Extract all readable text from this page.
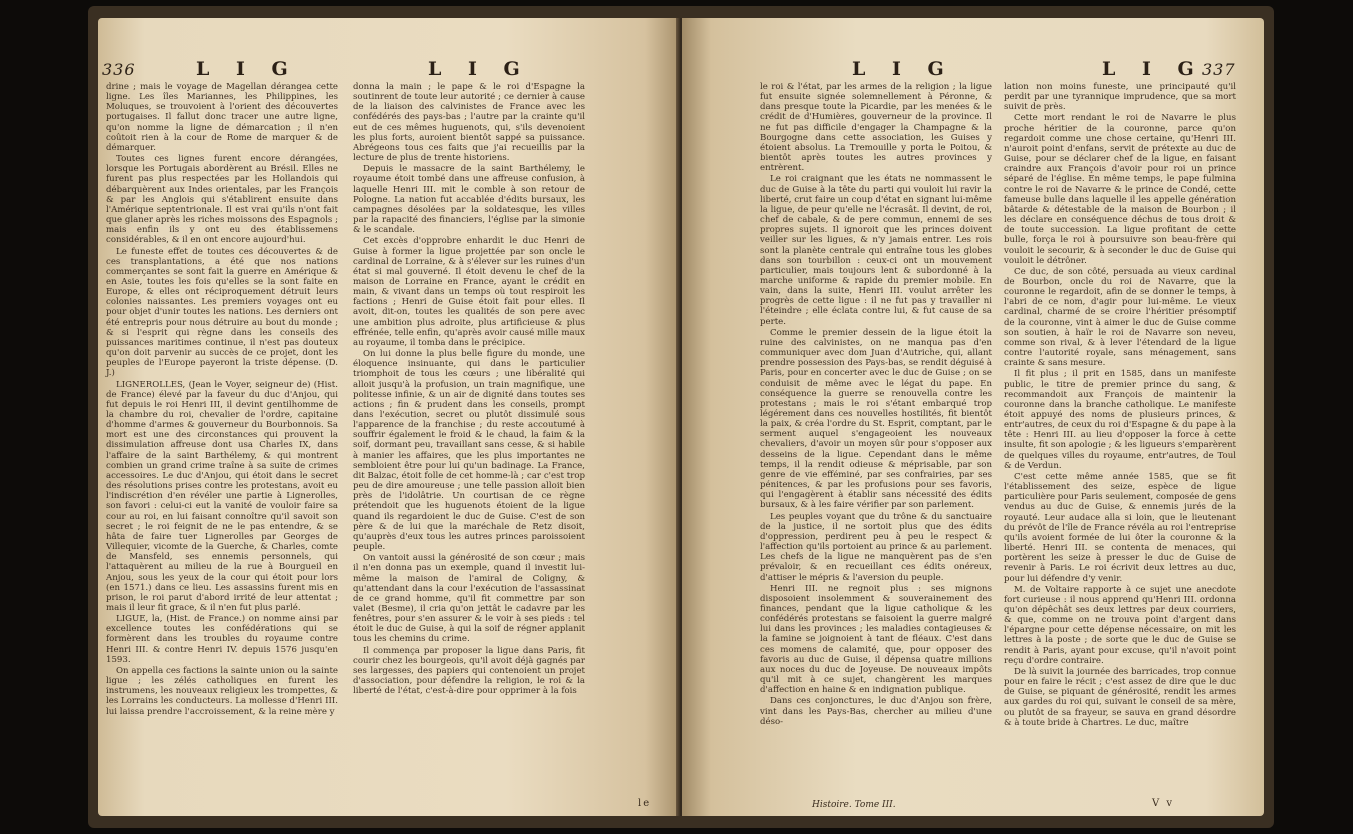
336	L I G	L I G

drine ; mais le voyage de Magellan dérangea cette ligne. Les îles Mariannes, les Philippines, les Moluques, se trouvoient à l'orient des découvertes portugaises. Il fallut donc tracer une autre ligne, qu'on nomme la ligne de démarcation ; il n'en coûtoit rien à la cour de Rome de marquer & de démarquer.

Toutes ces lignes furent encore dérangées, lorsque les Portugais abordèrent au Brésil. Elles ne furent pas plus respectées par les Hollandois qui débarquèrent aux Indes orientales, par les François & par les Anglois qui s'établirent ensuite dans l'Amérique septentrionale. Il est vrai qu'ils n'ont fait que glaner après les riches moissons des Espagnols ; mais enfin ils y ont eu des établissemens considérables, & il en ont encore aujourd'hui.

Le funeste effet de toutes ces découvertes & de ces transplantations, a été que nos nations commerçantes se sont fait la guerre en Amérique & en Asie, toutes les fois qu'elles se la sont faite en Europe, & elles ont réciproquement détruit leurs colonies naissantes. Les premiers voyages ont eu pour objet d'unir toutes les nations. Les derniers ont été entrepris pour nous détruire au bout du monde ; & si l'esprit qui règne dans les conseils des puissances maritimes continue, il n'est pas douteux qu'on doit parvenir au succès de ce projet, dont les peuples de l'Europe payeront la triste dépense. (D. J.)

LIGNEROLLES, (Jean le Voyer, seigneur de) (Hist. de France) élevé par la faveur du duc d'Anjou, qui fut depuis le roi Henri III, il devint gentilhomme de la chambre du roi, chevalier de l'ordre, capitaine d'homme d'armes & gouverneur du Bourbonnois. Sa mort est une des circonstances qui prouvent la dissimulation affreuse dont usa Charles IX, dans l'affaire de la saint Barthélemy, & qui montrent combien un grand crime traîne à sa suite de crimes accessoires. Le duc d'Anjou, qui étoit dans le secret des résolutions prises contre les protestans, avoit eu l'indiscrétion d'en révéler une partie à Lignerolles, son favori : celui-ci eut la vanité de vouloir faire sa cour au roi, en lui faisant connoître qu'il savoit son secret ; le roi feignit de ne le pas entendre, & se hâta de faire tuer Lignerolles par Georges de Villequier, vicomte de la Guerche, & Charles, comte de Mansfeld, ses ennemis personnels, qui l'attaquèrent au milieu de la rue à Bourgueil en Anjou, sous les yeux de la cour qui étoit pour lors (en 1571.) dans ce lieu. Les assassins furent mis en prison, le roi parut d'abord irrité de leur attentat ; mais il leur fit grace, & il n'en fut plus parlé.

LIGUE, la, (Hist. de France.) on nomme ainsi par excellence toutes les confédérations qui se formèrent dans les troubles du royaume contre Henri III. & contre Henri IV. depuis 1576 jusqu'en 1593.

On appella ces factions la sainte union ou la sainte ligue ; les zélés catholiques en furent les instrumens, les nouveaux religieux les trompettes, & les Lorrains les conducteurs. La mollesse d'Henri III. lui laissa prendre l'accroissement, & la reine mère y

donna la main ; le pape & le roi d'Espagne la soutinrent de toute leur autorité ; ce dernier à cause de la liaison des calvinistes de France avec les confédérés des pays-bas ; l'autre par la crainte qu'il eut de ces mêmes huguenots, qui, s'ils devenoient les plus forts, auroient bientôt sappé sa puissance. Abrégeons tous ces faits que j'ai recueillis par la lecture de plus de trente historiens.

Depuis le massacre de la saint Barthélemy, le royaume étoit tombé dans une affreuse confusion, à laquelle Henri III. mit le comble à son retour de Pologne. La nation fut accablée d'édits bursaux, les campagnes désolées par la soldatesque, les villes par la rapacité des financiers, l'église par la simonie & le scandale.

Cet excès d'opprobre enhardit le duc Henri de Guise à former la ligue projettée par son oncle le cardinal de Lorraine, & à s'élever sur les ruines d'un état si mal gouverné. Il étoit devenu le chef de la maison de Lorraine en France, ayant le crédit en main, & vivant dans un temps où tout respiroit les factions ; Henri de Guise étoit fait pour elles. Il avoit, dit-on, toutes les qualités de son pere avec une ambition plus adroite, plus artificieuse & plus effrénée, telle enfin, qu'après avoir causé mille maux au royaume, il tomba dans le précipice.

On lui donne la plus belle figure du monde, une éloquence insinuante, qui dans le particulier triomphoit de tous les cœurs ; une libéralité qui alloit jusqu'à la profusion, un train magnifique, une politesse infinie, & un air de dignité dans toutes ses actions ; fin & prudent dans les conseils, prompt dans l'exécution, secret ou plutôt dissimulé sous l'apparence de la franchise ; du reste accoutumé à souffrir également le froid & le chaud, la faim & la soif, dormant peu, travaillant sans cesse, & si habile à manier les affaires, que les plus importantes ne sembloient être pour lui qu'un badinage. La France, dit Balzac, étoit folle de cet homme-là ; car c'est trop peu de dire amoureuse ; une telle passion alloit bien près de l'idolâtrie. Un courtisan de ce règne prétendoit que les huguenots étoient de la ligue quand ils regardoient le duc de Guise. C'est de son père & de lui que la maréchale de Retz disoit, qu'auprès d'eux tous les autres princes paroissoient peuple.

On vantoit aussi la générosité de son cœur ; mais il n'en donna pas un exemple, quand il investit lui-même la maison de l'amiral de Coligny, & qu'attendant dans la cour l'exécution de l'assassinat de ce grand homme, qu'il fit commettre par son valet (Besme), il cria qu'on jettât le cadavre par les fenêtres, pour s'en assurer & le voir à ses pieds : tel étoit le duc de Guise, à qui la soif de régner applanit tous les chemins du crime.

Il commença par proposer la ligue dans Paris, fit courir chez les bourgeois, qu'il avoit déjà gagnés par ses largesses, des papiers qui contenoient un projet d'association, pour défendre la religion, le roi & la liberté de l'état, c'est-à-dire pour opprimer à la fois

le
L I G	L I G
337

le roi & l'état, par les armes de la religion ; la ligue fut ensuite signée solemnellement à Péronne, & dans presque toute la Picardie, par les menées & le crédit de d'Humières, gouverneur de la province. Il ne fut pas difficile d'engager la Champagne & la Bourgogne dans cette association, les Guises y étoient absolus. La Tremouille y porta le Poitou, & bientôt après toutes les autres provinces y entrèrent.

Le roi craignant que les états ne nommassent le duc de Guise à la tête du parti qui vouloit lui ravir la liberté, crut faire un coup d'état en signant lui-même la ligue, de peur qu'elle ne l'écrasât. Il devint, de roi, chef de cabale, & de pere commun, ennemi de ses propres sujets. Il ignoroit que les princes doivent veiller sur les ligues, & n'y jamais entrer. Les rois sont la planète centrale qui entraîne tous les globes dans son tourbillon : ceux-ci ont un mouvement particulier, mais toujours lent & subordonné à la marche uniforme & rapide du premier mobile. En vain, dans la suite, Henri III. voulut arrêter les progrès de cette ligue : il ne fut pas y travailler ni l'éteindre ; elle éclata contre lui, & fut cause de sa perte.

Comme le premier dessein de la ligue étoit la ruine des calvinistes, on ne manqua pas d'en communiquer avec dom Juan d'Autriche, qui, allant prendre possession des Pays-bas, se rendit déguisé à Paris, pour en concerter avec le duc de Guise ; on se conduisit de même avec le légat du pape. En conséquence la guerre se renouvella contre les protestans ; mais le roi s'étant embarqué trop légérement dans ces nouvelles hostilités, fit bientôt la paix, & créa l'ordre du St. Esprit, comptant, par le serment auquel s'engageoient les nouveaux chevaliers, d'avoir un moyen sûr pour s'opposer aux desseins de la ligue. Cependant dans le même temps, il la rendit odieuse & méprisable, par son genre de vie efféminé, par ses confrairies, par ses pénitences, & par les profusions pour ses favoris, qui l'engagèrent à établir sans nécessité des édits bursaux, & à les faire vérifier par son parlement.

Les peuples voyant que du trône & du sanctuaire de la justice, il ne sortoit plus que des édits d'oppression, perdirent peu à peu le respect & l'affection qu'ils portoient au prince & au parlement. Les chefs de la ligue ne manquèrent pas de s'en prévaloir, & en recueillant ces édits onéreux, d'attiser le mépris & l'aversion du peuple.

Henri III. ne regnoit plus : ses mignons disposoient insolemment & souverainement des finances, pendant que la ligue catholique & les confédérés protestans se faisoient la guerre malgré lui dans les provinces ; les maladies contagieuses & la famine se joignoient à tant de fléaux. C'est dans ces momens de calamité, que, pour opposer des favoris au duc de Guise, il dépensa quatre millions aux noces du duc de Joyeuse. De nouveaux impôts qu'il mit à ce sujet, changèrent les marques d'affection en haine & en indignation publique.

Dans ces conjonctures, le duc d'Anjou son frère, vint dans les Pays-Bas, chercher au milieu d'une déso-

lation non moins funeste, une principauté qu'il perdit par une tyrannique imprudence, que sa mort suivit de près.

Cette mort rendant le roi de Navarre le plus proche héritier de la couronne, parce qu'on regardoit comme une chose certaine, qu'Henri III. n'auroit point d'enfans, servit de prétexte au duc de Guise, pour se déclarer chef de la ligue, en faisant craindre aux François d'avoir pour roi un prince séparé de l'église. En même temps, le pape fulmina contre le roi de Navarre & le prince de Condé, cette fameuse bulle dans laquelle il les appelle génération bâtarde & détestable de la maison de Bourbon ; il les déclare en conséquence déchus de tous droit & de toute succession. La ligue profitant de cette bulle, força le roi à poursuivre son beau-frère qui vouloit le secourir, & à seconder le duc de Guise qui vouloit le détrôner.

Ce duc, de son côté, persuada au vieux cardinal de Bourbon, oncle du roi de Navarre, que la couronne le regardoit, afin de se donner le temps, à l'abri de ce nom, d'agir pour lui-même. Le vieux cardinal, charmé de se croire l'héritier présomptif de la couronne, vint à aimer le duc de Guise comme son soutien, à haïr le roi de Navarre son neveu, comme son rival, & à lever l'étendard de la ligue contre l'autorité royale, sans ménagement, sans crainte & sans mesure.

Il fit plus ; il prit en 1585, dans un manifeste public, le titre de premier prince du sang, & recommandoit aux François de maintenir la couronne dans la branche catholique. Le manifeste étoit appuyé des noms de plusieurs princes, & entr'autres, de ceux du roi d'Espagne & du pape à la tête : Henri III. au lieu d'opposer la force à cette insulte, fit son apologie ; & les ligueurs s'emparèrent de quelques villes du royaume, entr'autres, de Toul & de Verdun.

C'est cette même année 1585, que se fit l'établissement des seize, espèce de ligue particulière pour Paris seulement, composée de gens vendus au duc de Guise, & ennemis jurés de la royauté. Leur audace alla si loin, que le lieutenant du prévôt de l'île de France révéla au roi l'entreprise qu'ils avoient formée de lui ôter la couronne & la liberté. Henri III. se contenta de menaces, qui portèrent les seize à presser le duc de Guise de revenir à Paris. Le roi écrivit deux lettres au duc, pour lui défendre d'y venir.

M. de Voltaire rapporte à ce sujet une anecdote fort curieuse : il nous apprend qu'Henri III. ordonna qu'on dépêchât ses deux lettres par deux courriers, & que, comme on ne trouva point d'argent dans l'épargne pour cette dépense nécessaire, on mit les lettres à la poste ; de sorte que le duc de Guise se rendit à Paris, ayant pour excuse, qu'il n'avoit point reçu d'ordre contraire.

De là suivit la journée des barricades, trop connue pour en faire le récit ; c'est assez de dire que le duc de Guise, se piquant de générosité, rendit les armes aux gardes du roi qui, suivant le conseil de sa mère, ou plutôt de sa frayeur, se sauva en grand désordre & à toute bride à Chartres. Le duc, maître

Histoire. Tome III.	V v
